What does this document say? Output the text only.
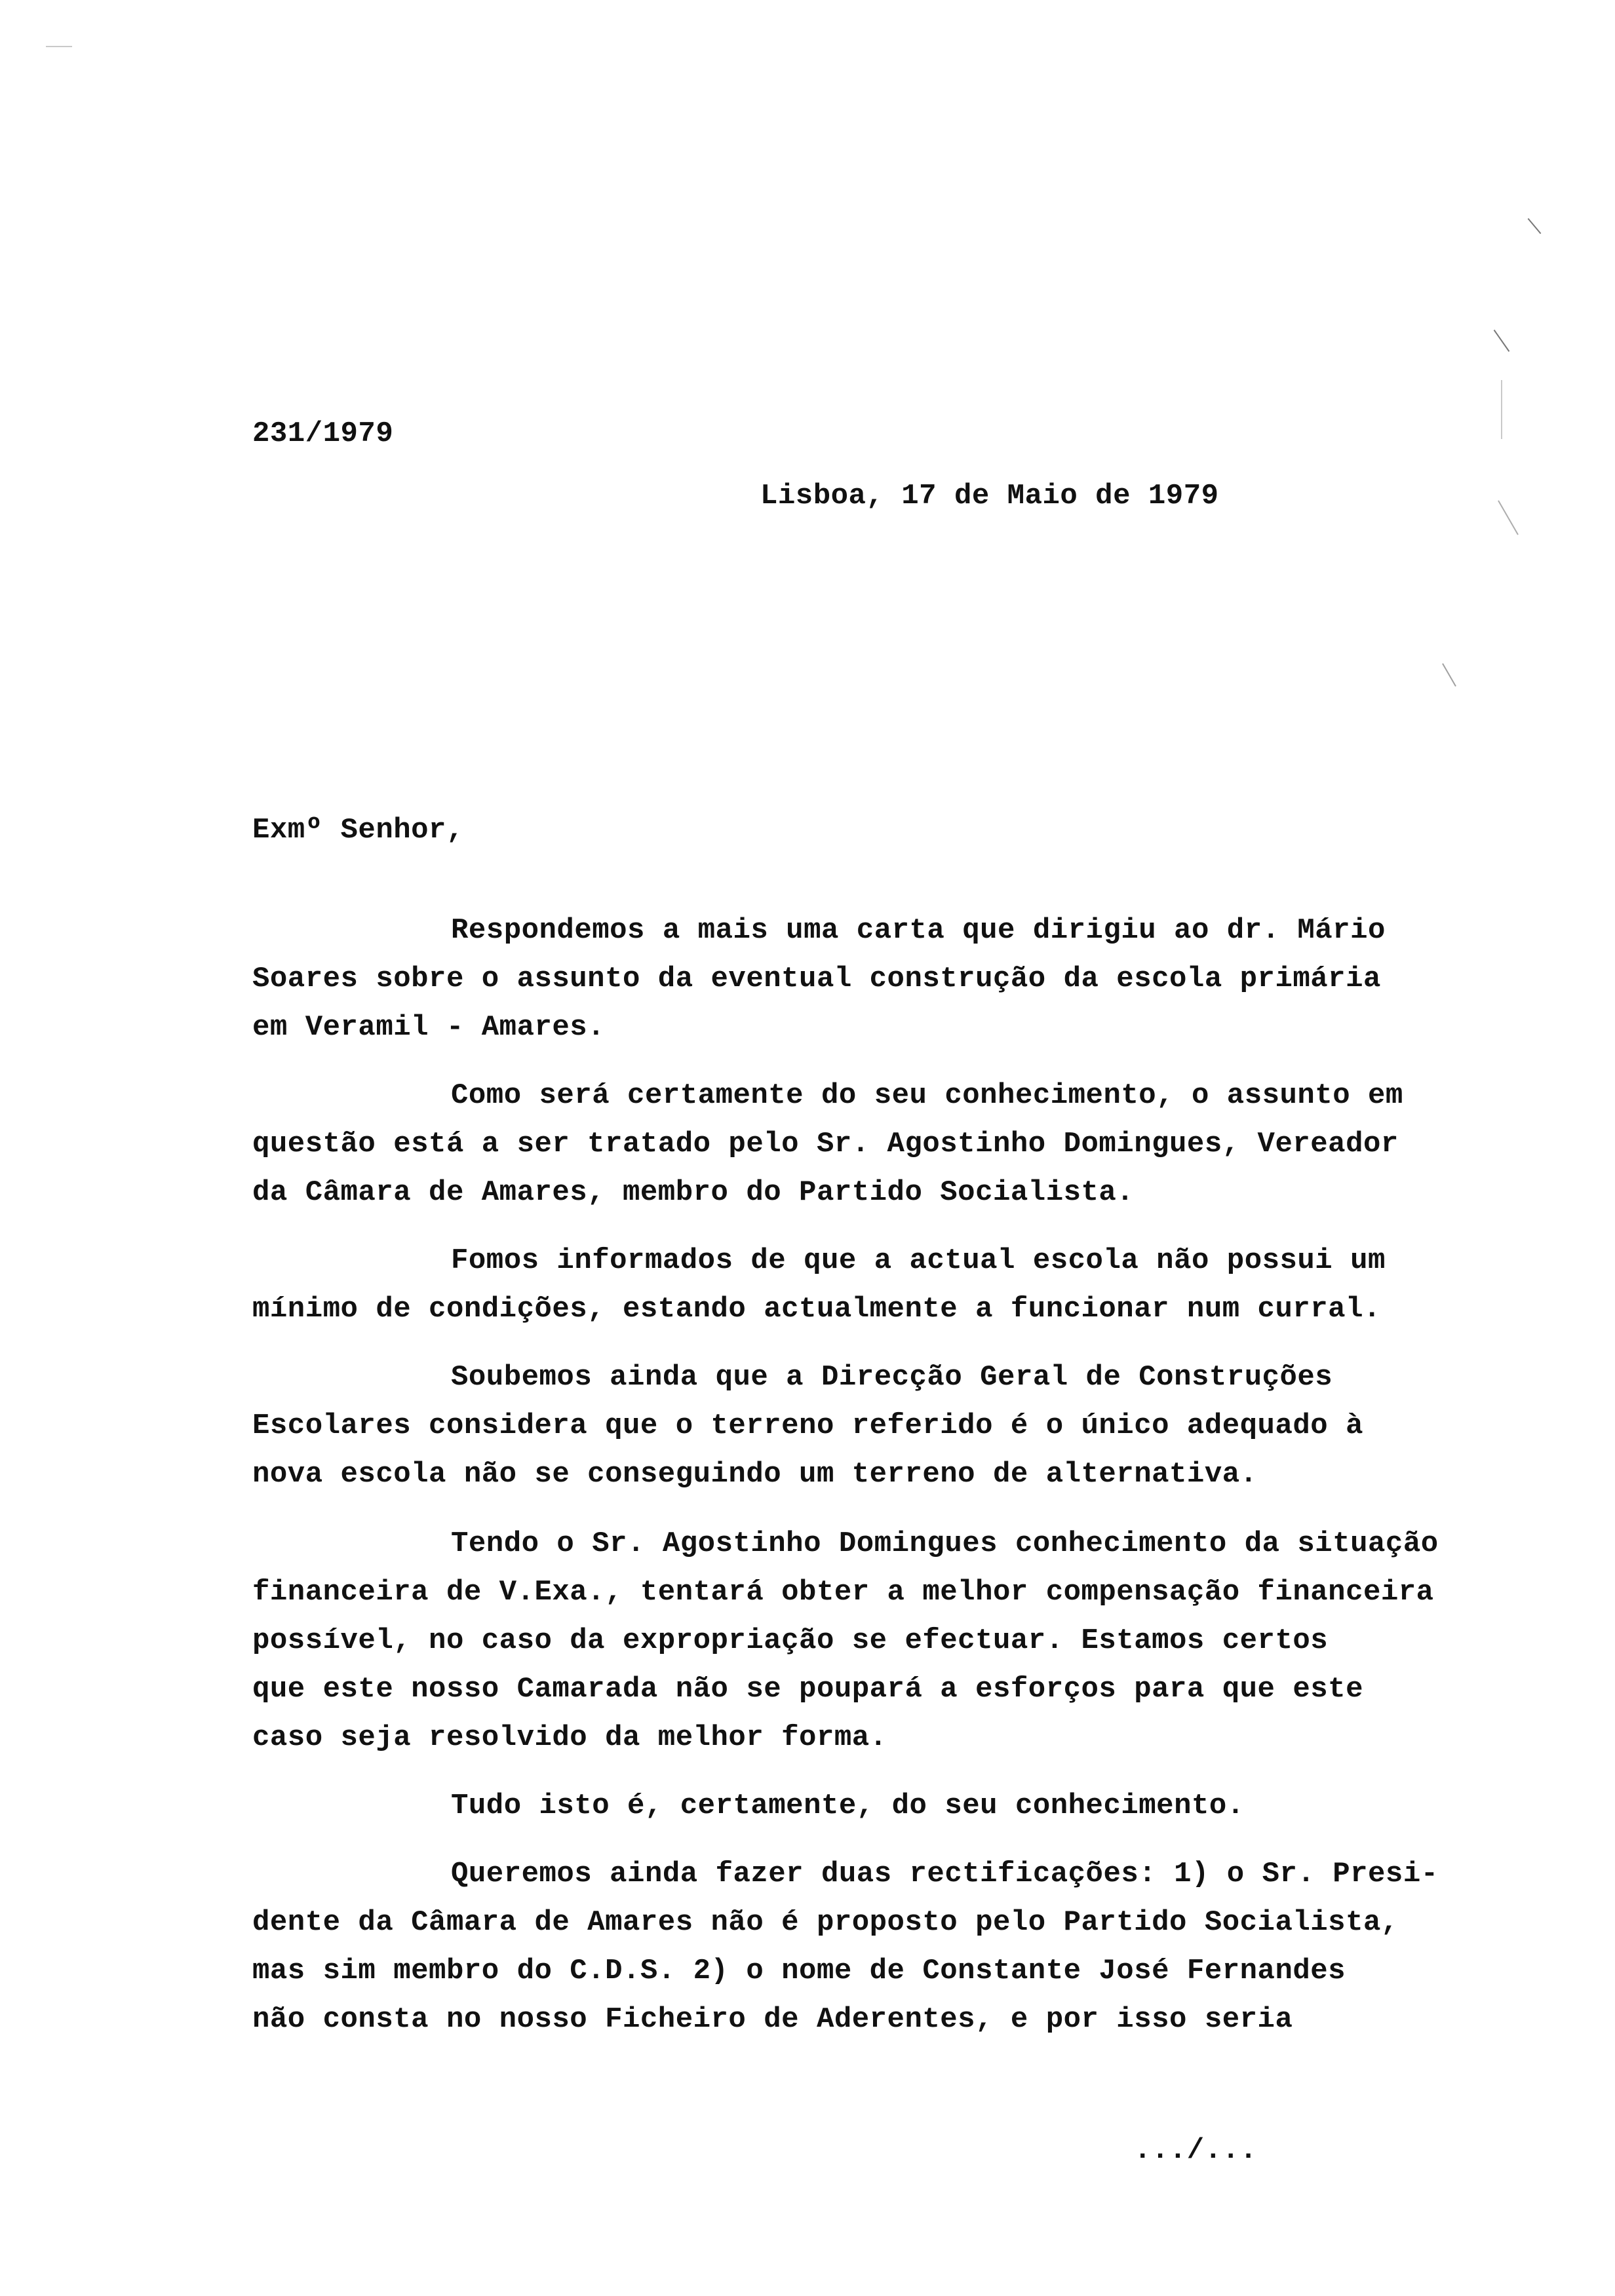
231/1979
Lisboa, 17 de Maio de 1979
Exmº Senhor,
Respondemos a mais uma carta que dirigiu ao dr. Mário
Soares sobre o assunto da eventual construção da escola primária
em Veramil - Amares.
Como será certamente do seu conhecimento, o assunto em
questão está a ser tratado pelo Sr. Agostinho Domingues, Vereador
da Câmara de Amares, membro do Partido Socialista.
Fomos informados de que a actual escola não possui um
mínimo de condições, estando actualmente a funcionar num curral.
Soubemos ainda que a Direcção Geral de Construções
Escolares considera que o terreno referido é o único adequado à
nova escola não se conseguindo um terreno de alternativa.
Tendo o Sr. Agostinho Domingues conhecimento da situação
financeira de V.Exa., tentará obter a melhor compensação financeira
possível, no caso da expropriação se efectuar. Estamos certos
que este nosso Camarada não se poupará a esforços para que este
caso seja resolvido da melhor forma.
Tudo isto é, certamente, do seu conhecimento.
Queremos ainda fazer duas rectificações: 1) o Sr. Presi-
dente da Câmara de Amares não é proposto pelo Partido Socialista,
mas sim membro do C.D.S. 2) o nome de Constante José Fernandes
não consta no nosso Ficheiro de Aderentes, e por isso seria
.../...
